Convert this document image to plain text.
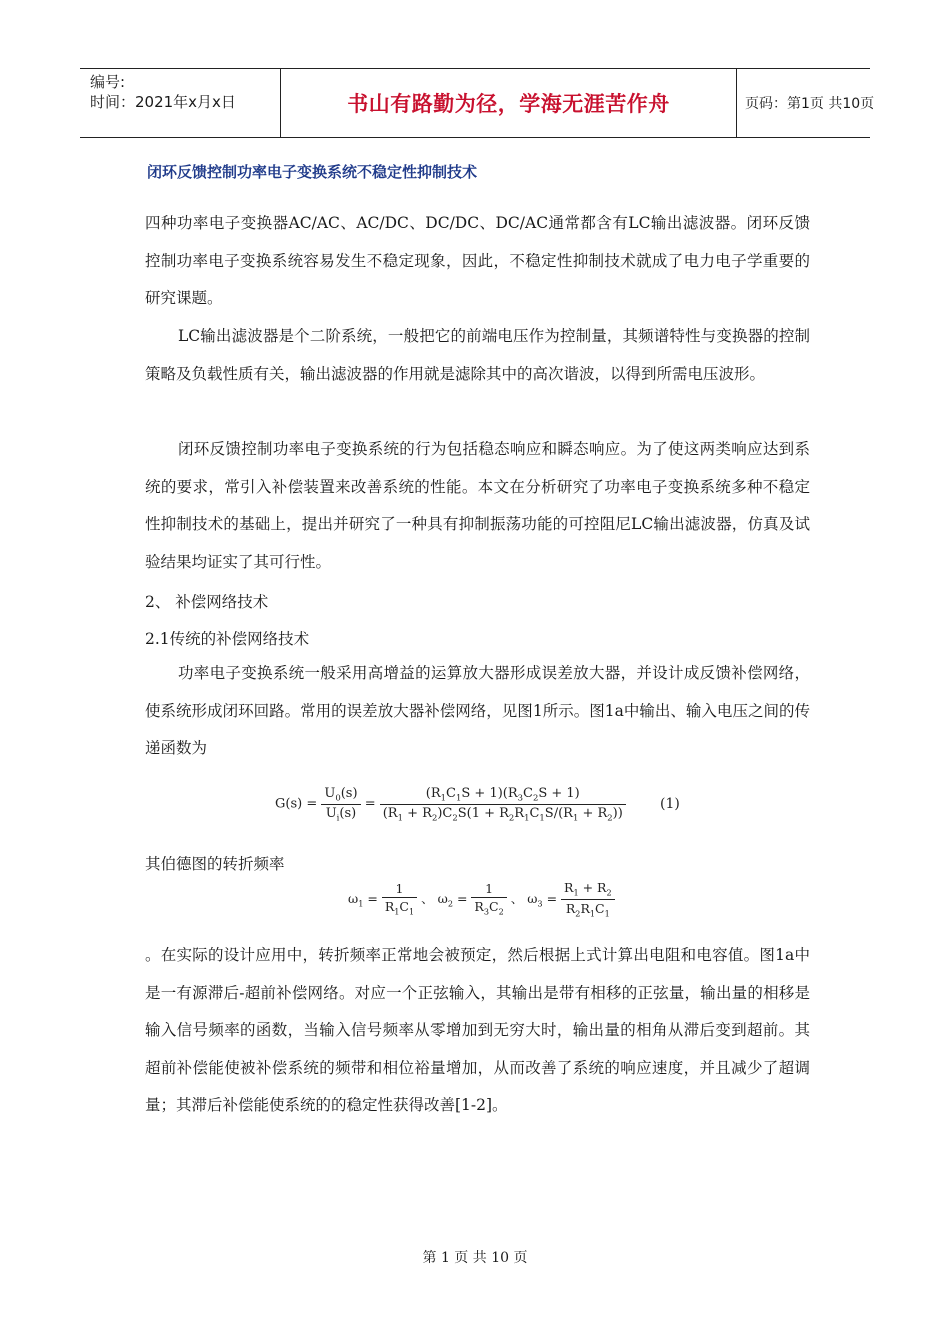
编号:
时间：2021年x月x日	书山有路勤为径，学海无涯苦作舟	页码：第1页 共10页
闭环反馈控制功率电子变换系统不稳定性抑制技术

四种功率电子变换器AC/AC、AC/DC、DC/DC、DC/AC通常都含有LC输出滤波器。闭环反馈控制功率电子变换系统容易发生不稳定现象，因此，不稳定性抑制技术就成了电力电子学重要的研究课题。

LC输出滤波器是个二阶系统，一般把它的前端电压作为控制量，其频谱特性与变换器的控制策略及负载性质有关，输出滤波器的作用就是滤除其中的高次谐波，以得到所需电压波形。

闭环反馈控制功率电子变换系统的行为包括稳态响应和瞬态响应。为了使这两类响应达到系统的要求，常引入补偿装置来改善系统的性能。本文在分析研究了功率电子变换系统多种不稳定性抑制技术的基础上，提出并研究了一种具有抑制振荡功能的可控阻尼LC输出滤波器，仿真及试验结果均证实了其可行性。

2、 补偿网络技术

2.1传统的补偿网络技术

功率电子变换系统一般采用高增益的运算放大器形成误差放大器，并设计成反馈补偿网络，使系统形成闭环回路。常用的误差放大器补偿网络，见图1所示。图1a中输出、输入电压之间的传递函数为

$G(s) = \frac{U_0(s)}{U_i(s)} = \frac{(R_1C_1S + 1)(R_3C_2S + 1)}{(R_1 + R_2)C_2S(1 + R_2R_1C_1S/(R_1 + R_2))} (1)$

其伯德图的转折频率

$\omega_1 = \frac{1}{R_1C_1}$ 、 $\omega_2 = \frac{1}{R_3C_2}$ 、 $\omega_3 = \frac{R_1 + R_2}{R_2R_1C_1}$

。在实际的设计应用中，转折频率正常地会被预定，然后根据上式计算出电阻和电容值。图1a中是一有源滞后-超前补偿网络。对应一个正弦输入，其输出是带有相移的正弦量，输出量的相移是输入信号频率的函数，当输入信号频率从零增加到无穷大时，输出量的相角从滞后变到超前。其超前补偿能使被补偿系统的频带和相位裕量增加，从而改善了系统的响应速度，并且减少了超调量；其滞后补偿能使系统的的稳定性获得改善[1-2]。

第 1 页 共 10 页
